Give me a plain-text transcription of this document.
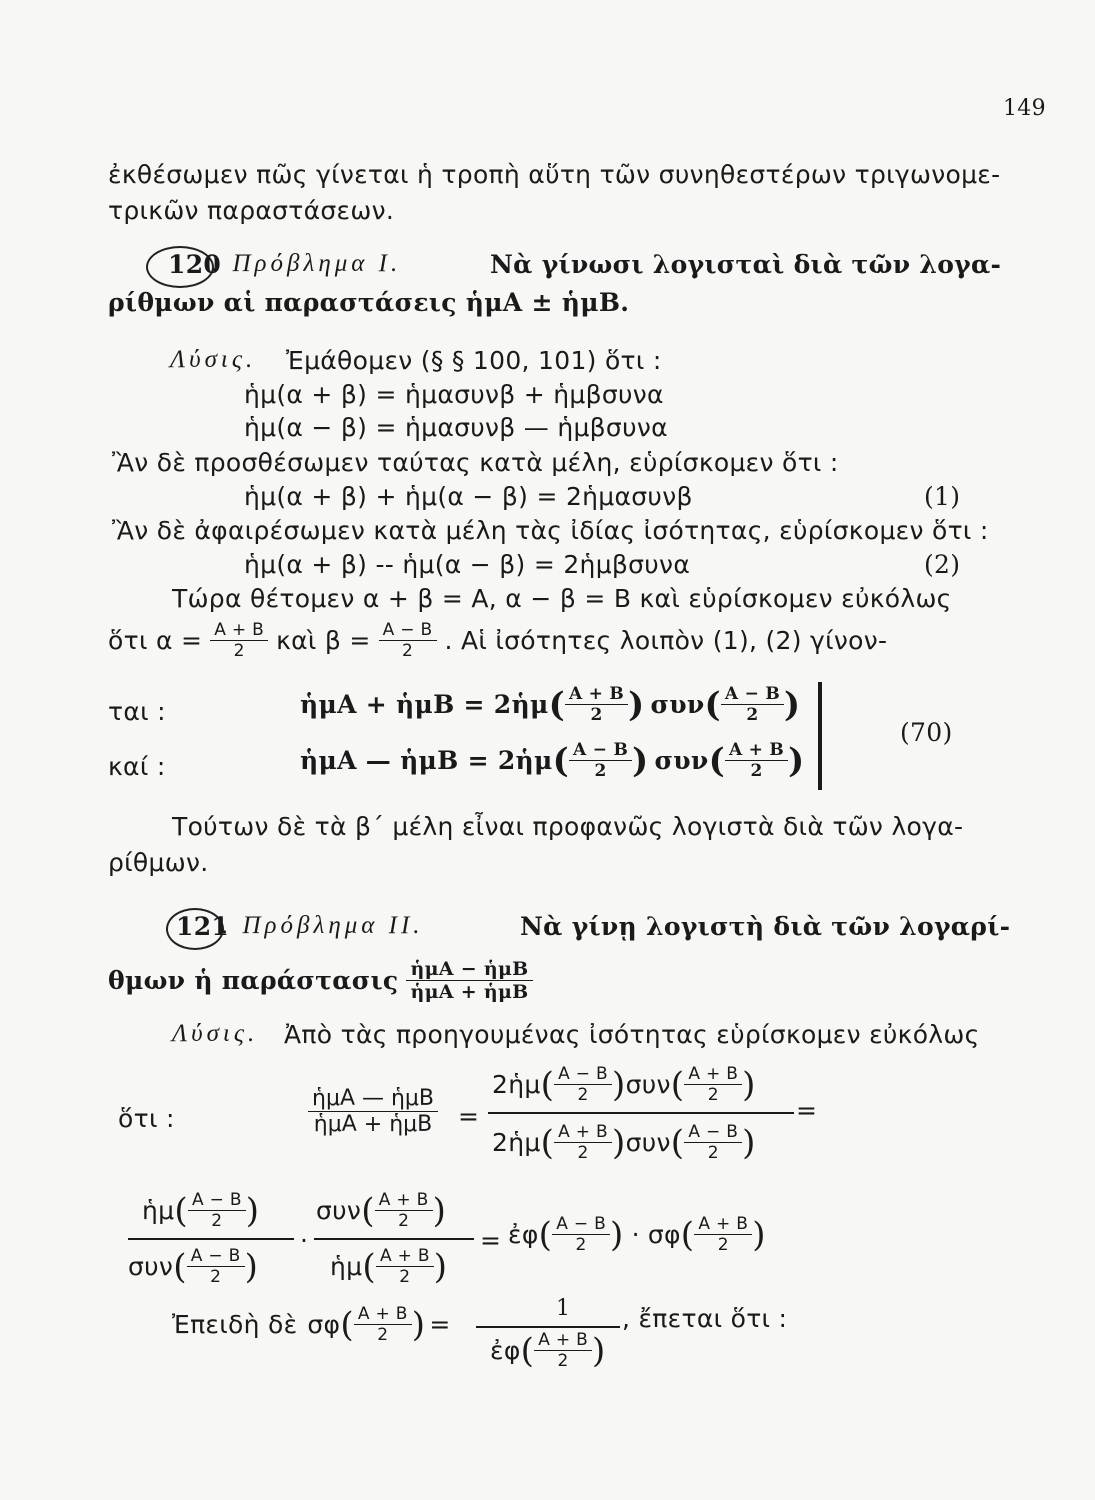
149
ἐκθέσωμεν πῶς γίνεται ἡ τροπὴ αὕτη τῶν συνηθεστέρων τριγωνομε-
τρικῶν παραστάσεων.
120
. Πρόβλημα Ι.	Νὰ γίνωσι λογισταὶ διὰ τῶν λογα-
ρίθμων αἱ παραστάσεις ἡμΑ ± ἡμΒ.
Λύσις. Ἐμάθομεν (§ § 100, 101) ὅτι :
ἡμ(α + β) = ἡμασυνβ + ἡμβσυνα
ἡμ(α − β) = ἡμασυνβ — ἡμβσυνα
Ἂν δὲ προσθέσωμεν ταύτας κατὰ μέλη, εὑρίσκομεν ὅτι :
ἡμ(α + β) + ἡμ(α − β) = 2ἡμασυνβ	(1)
Ἂν δὲ ἀφαιρέσωμεν κατὰ μέλη τὰς ἰδίας ἰσότητας, εὑρίσκομεν ὅτι :
ἡμ(α + β) -- ἡμ(α − β) = 2ἡμβσυνα	(2)
Τώρα θέτομεν α + β = Α, α − β = Β καὶ εὑρίσκομεν εὐκόλως
ὅτι $\alpha = \frac{A + B}{2}$ καὶ $\beta = \frac{A - B}{2}$ . Αἱ ἰσότητες λοιπὸν (1), (2) γίνον-
ται :
καί :
ἡμΑ + ἡμΒ = 2ἡμ ( $\frac{A + B}{2}$ ) συν ( $\frac{A - B}{2}$ )
ἡμΑ — ἡμΒ = 2ἡμ ( $\frac{A - B}{2}$ ) συν ( $\frac{A + B}{2}$ )
(70)
Τούτων δὲ τὰ β΄ μέλη εἶναι προφανῶς λογιστὰ διὰ τῶν λογα-
ρίθμων.
121
. Πρόβλημα ΙΙ.	Νὰ γίνῃ λογιστὴ διὰ τῶν λογαρί-
θμων ἡ παράστασις $\frac{\text{ἡμΑ − ἡμΒ}}{\text{ἡμΑ + ἡμΒ}}$
Λύσις. Ἀπὸ τὰς προηγουμένας ἰσότητας εὑρίσκομεν εὐκόλως
ὅτι :	$\frac{\text{ἡμΑ — ἡμΒ}}{\text{ἡμΑ + ἡμΒ}}$ =
2ἡμ ( $\frac{A - B}{2}$ ) συν ( $\frac{A + B}{2}$ )
2ἡμ ( $\frac{A + B}{2}$ ) συν ( $\frac{A - B}{2}$ )
=
ἡμ ( $\frac{A - B}{2}$ )
συν ( $\frac{A - B}{2}$ )
·
συν ( $\frac{A + B}{2}$ )
ἡμ ( $\frac{A + B}{2}$ )
= ἐφ ( $\frac{A - B}{2}$ ) · σφ ( $\frac{A + B}{2}$ )
Ἐπειδὴ δὲ σφ ( $\frac{A + B}{2}$ ) =
1
ἐφ ( $\frac{A + B}{2}$ )
, ἔπεται ὅτι :
